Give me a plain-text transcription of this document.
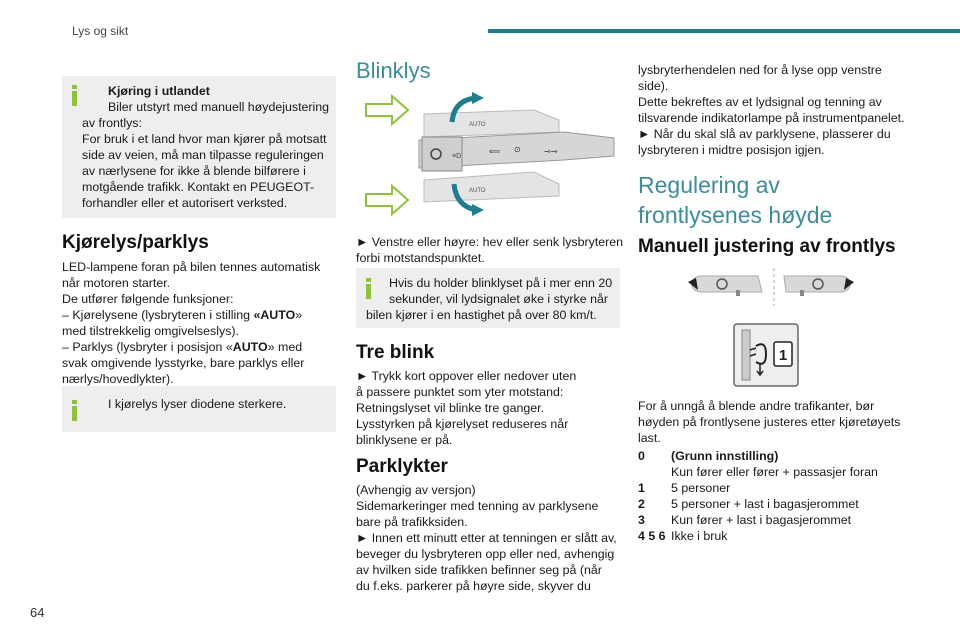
Lys og sikt
64
Kjøring i utlandet
Biler utstyrt med manuell høydejustering
av frontlys:
For bruk i et land hvor man kjører på motsatt
side av veien, må man tilpasse reguleringen
av nærlysene for ikke å blende bilførere i
motgående trafikk. Kontakt en PEUGEOT-
forhandler eller et autorisert verksted.
Kjørelys/parklys

LED-lampene foran på bilen tennes automatisk

når motoren starter.

De utfører følgende funksjoner:

– Kjørelysene (lysbryteren i stilling «AUTO»

med tilstrekkelig omgivelseslys).

– Parklys (lysbryter i posisjon «AUTO» med

svak omgivende lysstyrke, bare parklys eller

nærlys/hovedlykter).

I kjørelys lyser diodene sterkere.
Blinklys
≡D
⟸ ⊙	⊸⊸
AUTO
AUTO

► Venstre eller høyre: hev eller senk lysbryteren

forbi motstandspunktet.

Hvis du holder blinklyset på i mer enn 20
sekunder, vil lydsignalet øke i styrke når
bilen kjører i en hastighet på over 80 km/t.
Tre blink

► Trykk kort oppover eller nedover uten

å passere punktet som yter motstand:

Retningslyset vil blinke tre ganger.

Lysstyrken på kjørelyset reduseres når

blinklysene er på.

Parklykter

(Avhengig av versjon)

Sidemarkeringer med tenning av parklysene

bare på trafikksiden.

► Innen ett minutt etter at tenningen er slått av,

beveger du lysbryteren opp eller ned, avhengig

av hvilken side trafikken befinner seg på (når

du f.eks. parkerer på høyre side, skyver du

lysbryterhendelen ned for å lyse opp venstre

side).

Dette bekreftes av et lydsignal og tenning av

tilsvarende indikatorlampe på instrumentpanelet.

► Når du skal slå av parklysene, plasserer du

lysbryteren i midtre posisjon igjen.

Regulering av
frontlysenes høyde
Manuell justering av frontlys
1

For å unngå å blende andre trafikanter, bør

høyden på frontlysene justeres etter kjøretøyets

last.

0	(Grunn innstilling)
Kun fører eller fører + passasjer foran
1	5 personer
2	5 personer + last i bagasjerommet
3	Kun fører + last i bagasjerommet
4 5 6 Ikke i bruk
